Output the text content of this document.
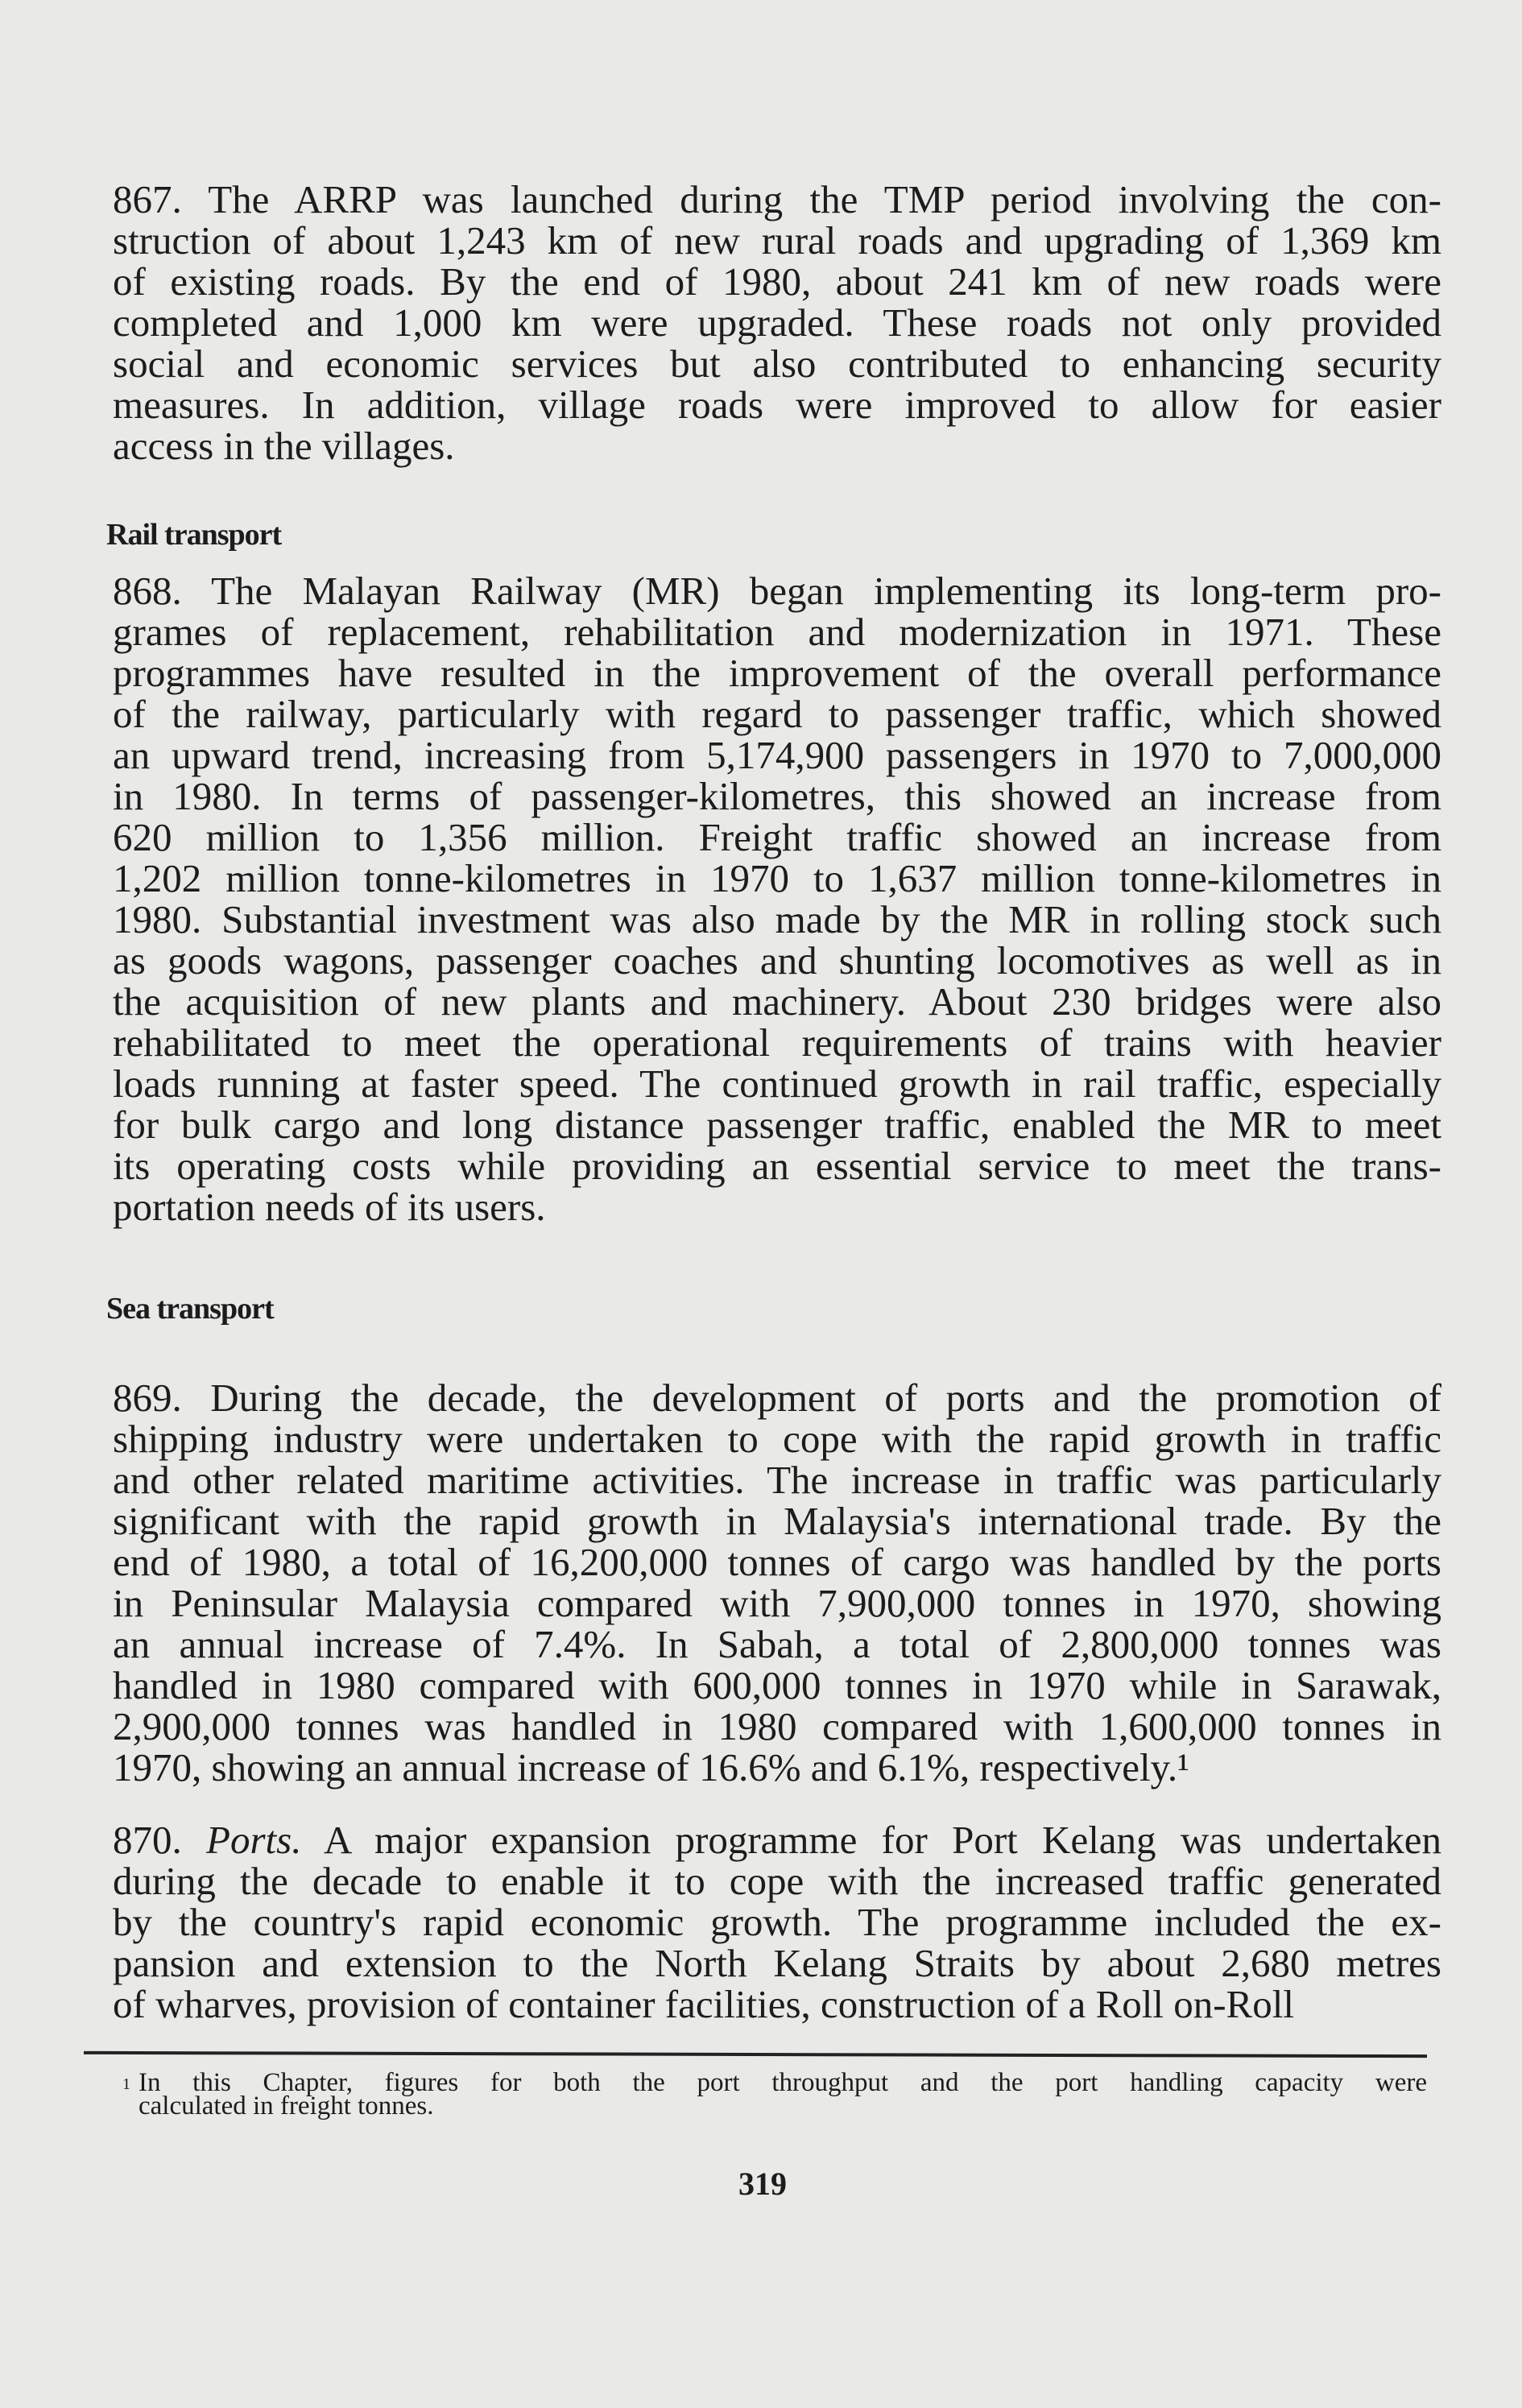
867. The ARRP was launched during the TMP period involving the con-
struction of about 1,243 km of new rural roads and upgrading of 1,369 km
of existing roads. By the end of 1980, about 241 km of new roads were
completed and 1,000 km were upgraded. These roads not only provided
social and economic services but also contributed to enhancing security
measures. In addition, village roads were improved to allow for easier
access in the villages.
Rail transport
868. The Malayan Railway (MR) began implementing its long-term pro-
grames of replacement, rehabilitation and modernization in 1971. These
programmes have resulted in the improvement of the overall performance
of the railway, particularly with regard to passenger traffic, which showed
an upward trend, increasing from 5,174,900 passengers in 1970 to 7,000,000
in 1980. In terms of passenger-kilometres, this showed an increase from
620 million to 1,356 million. Freight traffic showed an increase from
1,202 million tonne-kilometres in 1970 to 1,637 million tonne-kilometres in
1980. Substantial investment was also made by the MR in rolling stock such
as goods wagons, passenger coaches and shunting locomotives as well as in
the acquisition of new plants and machinery. About 230 bridges were also
rehabilitated to meet the operational requirements of trains with heavier
loads running at faster speed. The continued growth in rail traffic, especially
for bulk cargo and long distance passenger traffic, enabled the MR to meet
its operating costs while providing an essential service to meet the trans-
portation needs of its users.
Sea transport
869. During the decade, the development of ports and the promotion of
shipping industry were undertaken to cope with the rapid growth in traffic
and other related maritime activities. The increase in traffic was particularly
significant with the rapid growth in Malaysia's international trade. By the
end of 1980, a total of 16,200,000 tonnes of cargo was handled by the ports
in Peninsular Malaysia compared with 7,900,000 tonnes in 1970, showing
an annual increase of 7.4%. In Sabah, a total of 2,800,000 tonnes was
handled in 1980 compared with 600,000 tonnes in 1970 while in Sarawak,
2,900,000 tonnes was handled in 1980 compared with 1,600,000 tonnes in
1970, showing an annual increase of 16.6% and 6.1%, respectively.¹
870. Ports. A major expansion programme for Port Kelang was undertaken
during the decade to enable it to cope with the increased traffic generated
by the country's rapid economic growth. The programme included the ex-
pansion and extension to the North Kelang Straits by about 2,680 metres
of wharves, provision of container facilities, construction of a Roll on-Roll
1 In this Chapter, figures for both the port throughput and the port handling capacity were
calculated in freight tonnes.
319
